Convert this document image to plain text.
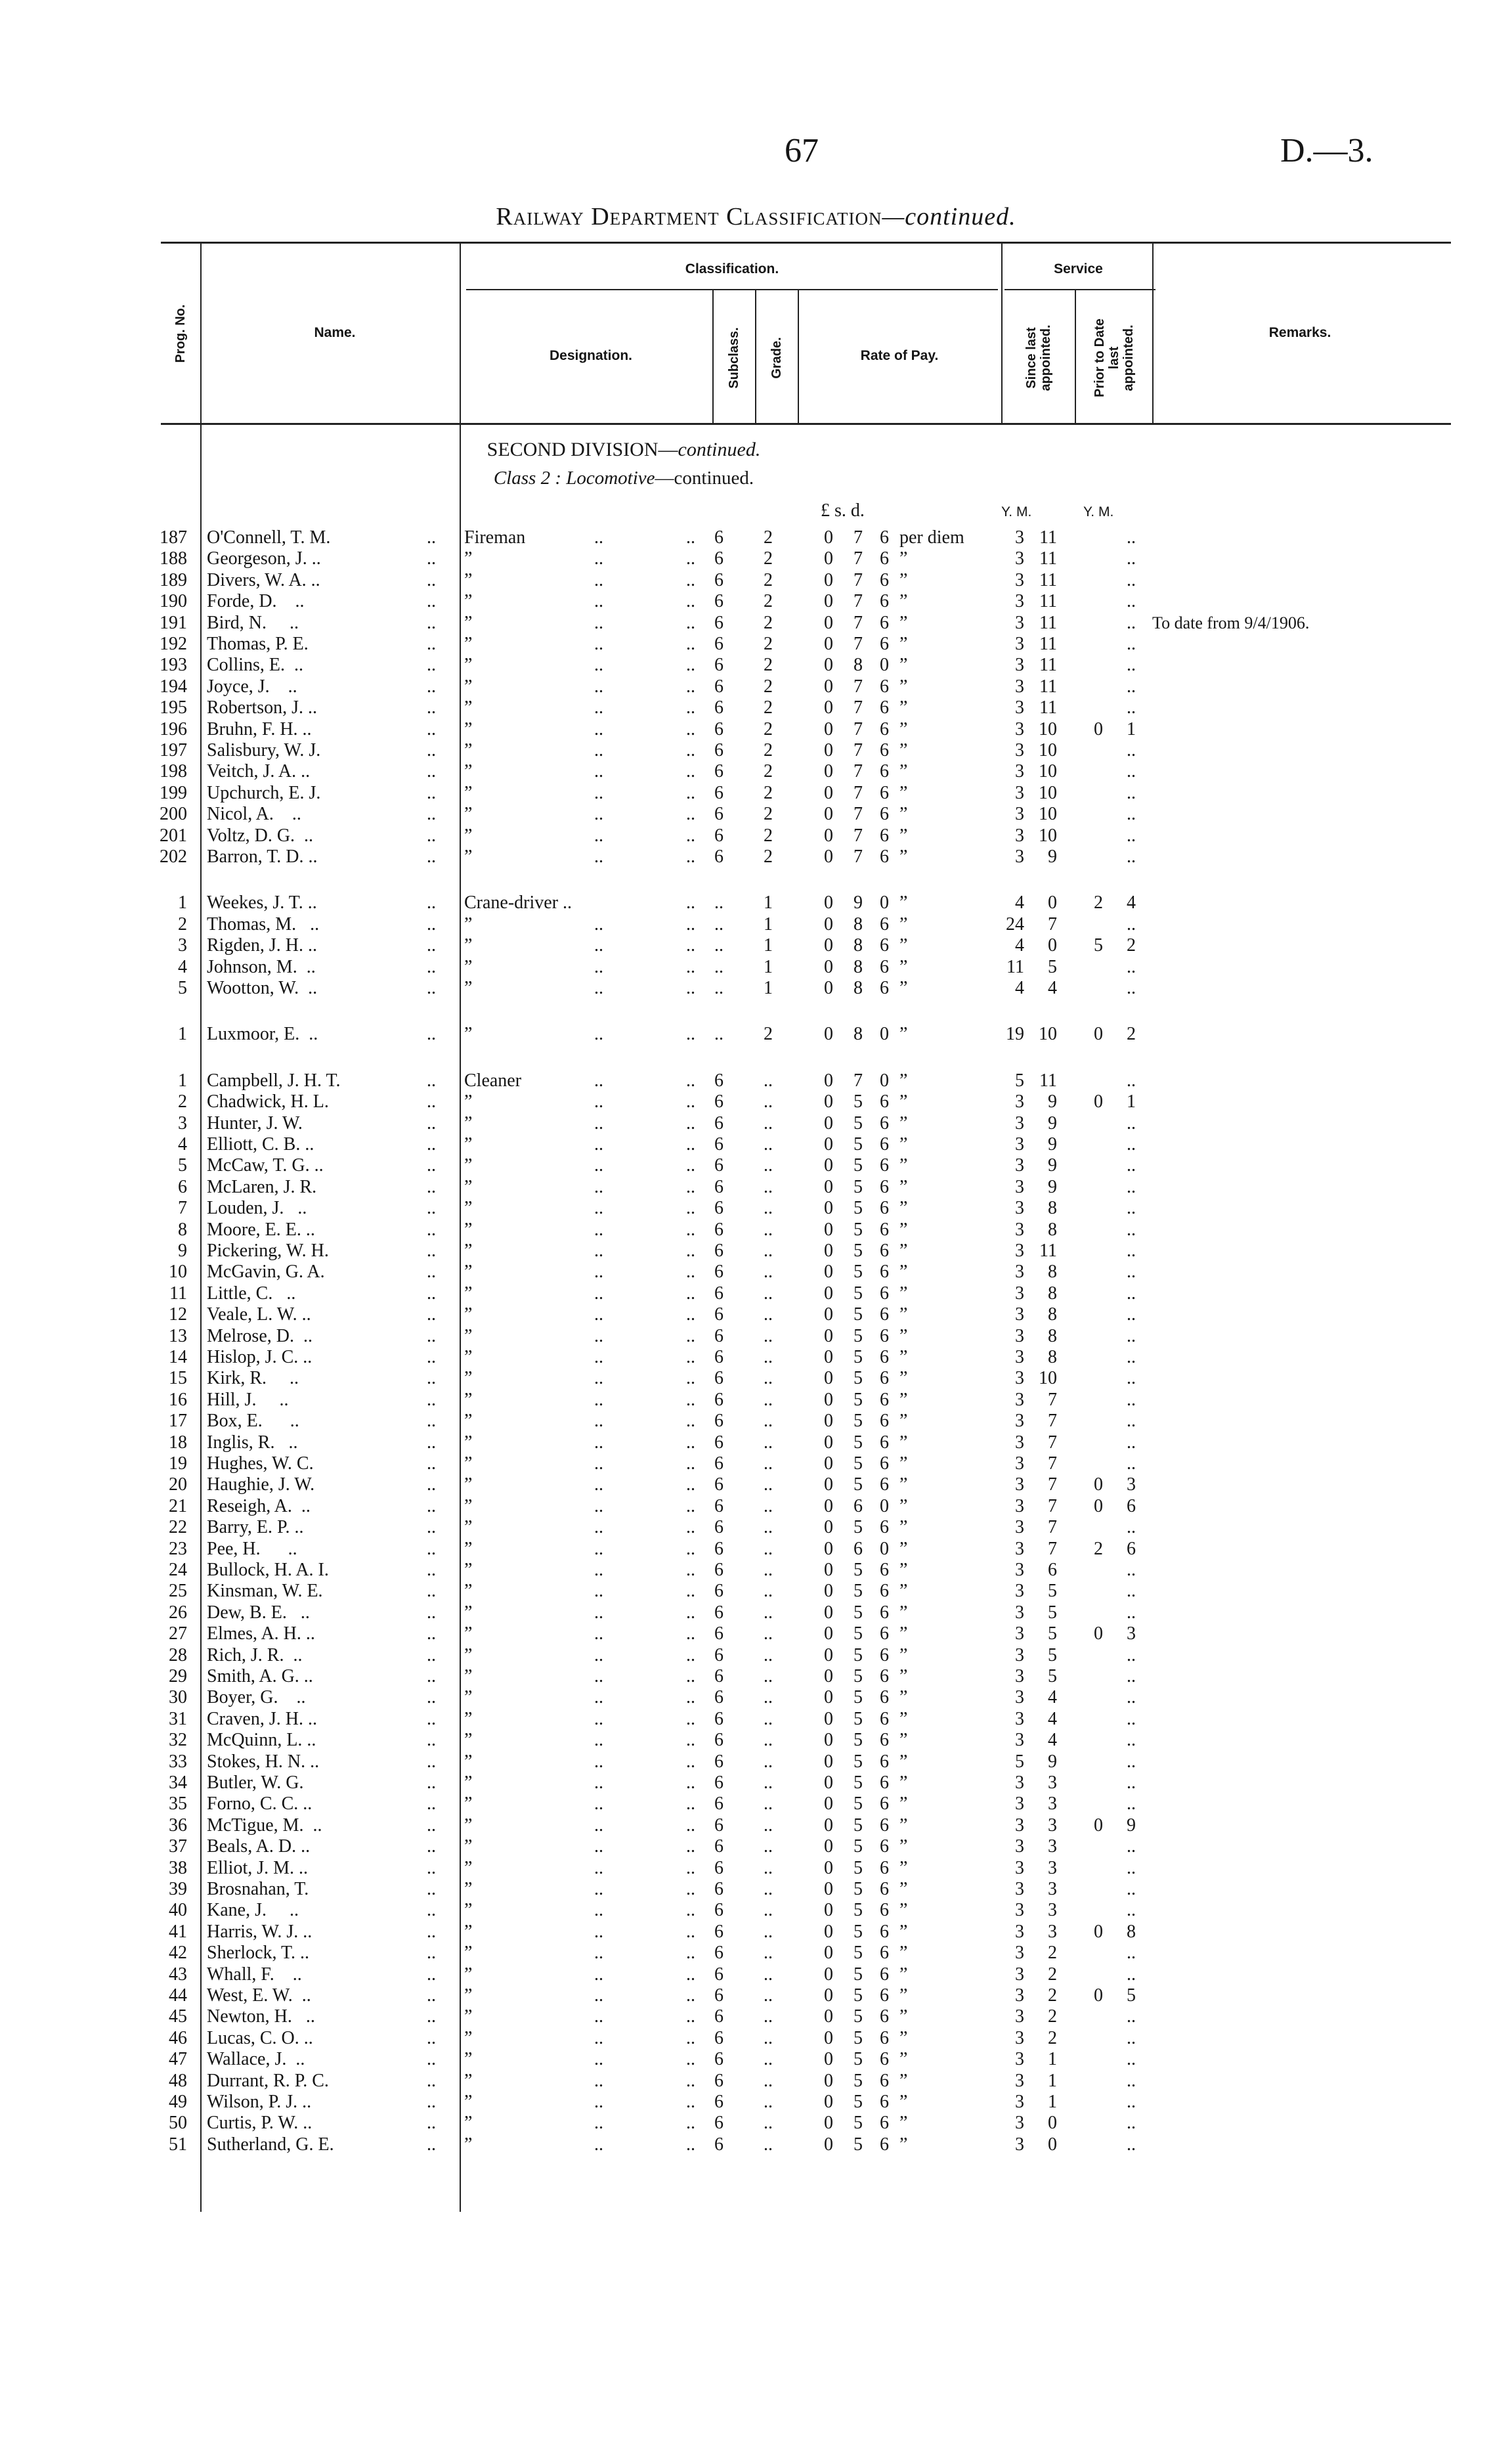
67	D.—3.
Railway Department Classification—continued.
Prog. No.	Name.
Classification.	Service
Designation.	Subclass. Grade.	Rate of Pay.	Since last
appointed.	Prior to Date
last
appointed.	Remarks.
SECOND DIVISION—continued.
Class 2 : Locomotive—continued.
£ s. d.	Y. M.	Y. M.
187 O'Connell, T. M.	.. Fireman	..	..	6	2	0 7 6 per diem	3 11	..
188 Georgeson, J. ..	.. ”	..	..	6	2	0 7 6 ”	3 11	..
189 Divers, W. A. ..	.. ”	..	..	6	2	0 7 6 ”	3 11	..
190 Forde, D.    ..	.. ”	..	..	6	2	0 7 6 ”	3 11	..
191 Bird, N.     ..	.. ”	..	..	6	2	0 7 6 ”	3 11	.. To date from 9/4/1906.
192 Thomas, P. E.	.. ”	..	..	6	2	0 7 6 ”	3 11	..
193 Collins, E.  ..	.. ”	..	..	6	2	0 8 0 ”	3 11	..
194 Joyce, J.    ..	.. ”	..	..	6	2	0 7 6 ”	3 11	..
195 Robertson, J. ..	.. ”	..	..	6	2	0 7 6 ”	3 11	..
196 Bruhn, F. H. ..	.. ”	..	..	6	2	0 7 6 ”	3 10	0	1
197 Salisbury, W. J.	.. ”	..	..	6	2	0 7 6 ”	3 10	..
198 Veitch, J. A. ..	.. ”	..	..	6	2	0 7 6 ”	3 10	..
199 Upchurch, E. J.	.. ”	..	..	6	2	0 7 6 ”	3 10	..
200 Nicol, A.    ..	.. ”	..	..	6	2	0 7 6 ”	3 10	..
201 Voltz, D. G.  ..	.. ”	..	..	6	2	0 7 6 ”	3 10	..
202 Barron, T. D. ..	.. ”	..	..	6	2	0 7 6 ”	3	9	..
1 Weekes, J. T. ..	.. Crane-driver ..	..	..	1	0 9 0 ”	4	0	2	4
2 Thomas, M.   ..	.. ”	..	..	..	1	0 8 6 ”	24	7	..
3 Rigden, J. H. ..	.. ”	..	..	..	1	0 8 6 ”	4	0	5	2
4 Johnson, M.  ..	.. ”	..	..	..	1	0 8 6 ”	11	5	..
5 Wootton, W.  ..	.. ”	..	..	..	1	0 8 6 ”	4	4	..
1 Luxmoor, E.  ..	.. ”	..	..	..	2	0 8 0 ”	19 10	0	2
1 Campbell, J. H. T.	.. Cleaner	..	..	6	..	0 7 0 ”	5 11	..
2 Chadwick, H. L.	.. ”	..	..	6	..	0 5 6 ”	3	9	0	1
3 Hunter, J. W.	.. ”	..	..	6	..	0 5 6 ”	3	9	..
4 Elliott, C. B. ..	.. ”	..	..	6	..	0 5 6 ”	3	9	..
5 McCaw, T. G. ..	.. ”	..	..	6	..	0 5 6 ”	3	9	..
6 McLaren, J. R.	.. ”	..	..	6	..	0 5 6 ”	3	9	..
7 Louden, J.   ..	.. ”	..	..	6	..	0 5 6 ”	3	8	..
8 Moore, E. E. ..	.. ”	..	..	6	..	0 5 6 ”	3	8	..
9 Pickering, W. H.	.. ”	..	..	6	..	0 5 6 ”	3 11	..
10 McGavin, G. A.	.. ”	..	..	6	..	0 5 6 ”	3	8	..
11 Little, C.   ..	.. ”	..	..	6	..	0 5 6 ”	3	8	..
12 Veale, L. W. ..	.. ”	..	..	6	..	0 5 6 ”	3	8	..
13 Melrose, D.  ..	.. ”	..	..	6	..	0 5 6 ”	3	8	..
14 Hislop, J. C. ..	.. ”	..	..	6	..	0 5 6 ”	3	8	..
15 Kirk, R.     ..	.. ”	..	..	6	..	0 5 6 ”	3 10	..
16 Hill, J.     ..	.. ”	..	..	6	..	0 5 6 ”	3	7	..
17 Box, E.      ..	.. ”	..	..	6	..	0 5 6 ”	3	7	..
18 Inglis, R.   ..	.. ”	..	..	6	..	0 5 6 ”	3	7	..
19 Hughes, W. C.	.. ”	..	..	6	..	0 5 6 ”	3	7	..
20 Haughie, J. W.	.. ”	..	..	6	..	0 5 6 ”	3	7	0	3
21 Reseigh, A.  ..	.. ”	..	..	6	..	0 6 0 ”	3	7	0	6
22 Barry, E. P. ..	.. ”	..	..	6	..	0 5 6 ”	3	7	..
23 Pee, H.      ..	.. ”	..	..	6	..	0 6 0 ”	3	7	2	6
24 Bullock, H. A. I.	.. ”	..	..	6	..	0 5 6 ”	3	6	..
25 Kinsman, W. E.	.. ”	..	..	6	..	0 5 6 ”	3	5	..
26 Dew, B. E.   ..	.. ”	..	..	6	..	0 5 6 ”	3	5	..
27 Elmes, A. H. ..	.. ”	..	..	6	..	0 5 6 ”	3	5	0	3
28 Rich, J. R.  ..	.. ”	..	..	6	..	0 5 6 ”	3	5	..
29 Smith, A. G. ..	.. ”	..	..	6	..	0 5 6 ”	3	5	..
30 Boyer, G.    ..	.. ”	..	..	6	..	0 5 6 ”	3	4	..
31 Craven, J. H. ..	.. ”	..	..	6	..	0 5 6 ”	3	4	..
32 McQuinn, L. ..	.. ”	..	..	6	..	0 5 6 ”	3	4	..
33 Stokes, H. N. ..	.. ”	..	..	6	..	0 5 6 ”	5	9	..
34 Butler, W. G.	.. ”	..	..	6	..	0 5 6 ”	3	3	..
35 Forno, C. C. ..	.. ”	..	..	6	..	0 5 6 ”	3	3	..
36 McTigue, M.  ..	.. ”	..	..	6	..	0 5 6 ”	3	3	0	9
37 Beals, A. D. ..	.. ”	..	..	6	..	0 5 6 ”	3	3	..
38 Elliot, J. M. ..	.. ”	..	..	6	..	0 5 6 ”	3	3	..
39 Brosnahan, T.	.. ”	..	..	6	..	0 5 6 ”	3	3	..
40 Kane, J.     ..	.. ”	..	..	6	..	0 5 6 ”	3	3	..
41 Harris, W. J. ..	.. ”	..	..	6	..	0 5 6 ”	3	3	0	8
42 Sherlock, T. ..	.. ”	..	..	6	..	0 5 6 ”	3	2	..
43 Whall, F.    ..	.. ”	..	..	6	..	0 5 6 ”	3	2	..
44 West, E. W.  ..	.. ”	..	..	6	..	0 5 6 ”	3	2	0	5
45 Newton, H.   ..	.. ”	..	..	6	..	0 5 6 ”	3	2	..
46 Lucas, C. O. ..	.. ”	..	..	6	..	0 5 6 ”	3	2	..
47 Wallace, J.  ..	.. ”	..	..	6	..	0 5 6 ”	3	1	..
48 Durrant, R. P. C.	.. ”	..	..	6	..	0 5 6 ”	3	1	..
49 Wilson, P. J. ..	.. ”	..	..	6	..	0 5 6 ”	3	1	..
50 Curtis, P. W. ..	.. ”	..	..	6	..	0 5 6 ”	3	0	..
51 Sutherland, G. E.	.. ”	..	..	6	..	0 5 6 ”	3	0	..
